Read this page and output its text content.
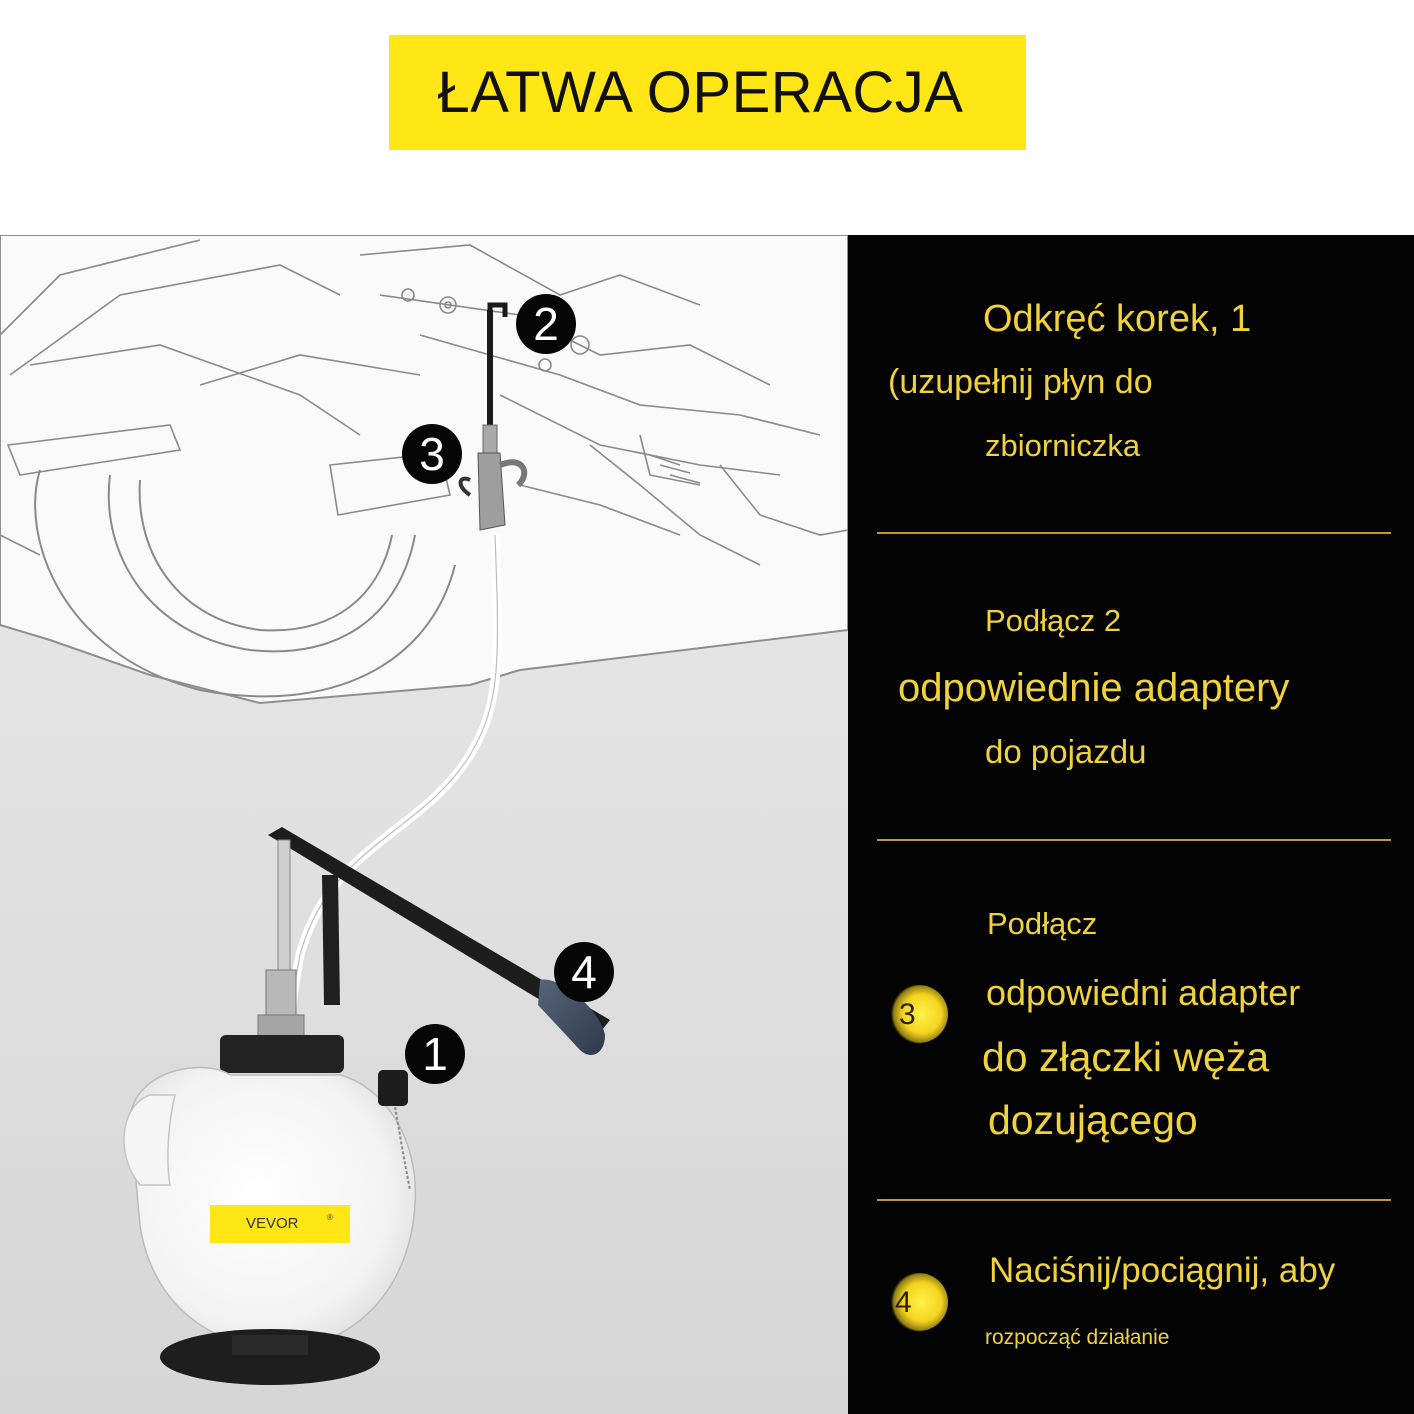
ŁATWA OPERACJA
VEVOR	®
1
2
3
4
Odkręć korek, 1
(uzupełnij płyn do
zbiorniczka
Podłącz 2
odpowiednie adaptery
do pojazdu
Podłącz
odpowiedni adapter
3
do złączki węża
dozującego
Naciśnij/pociągnij, aby
4
rozpocząć działanie
